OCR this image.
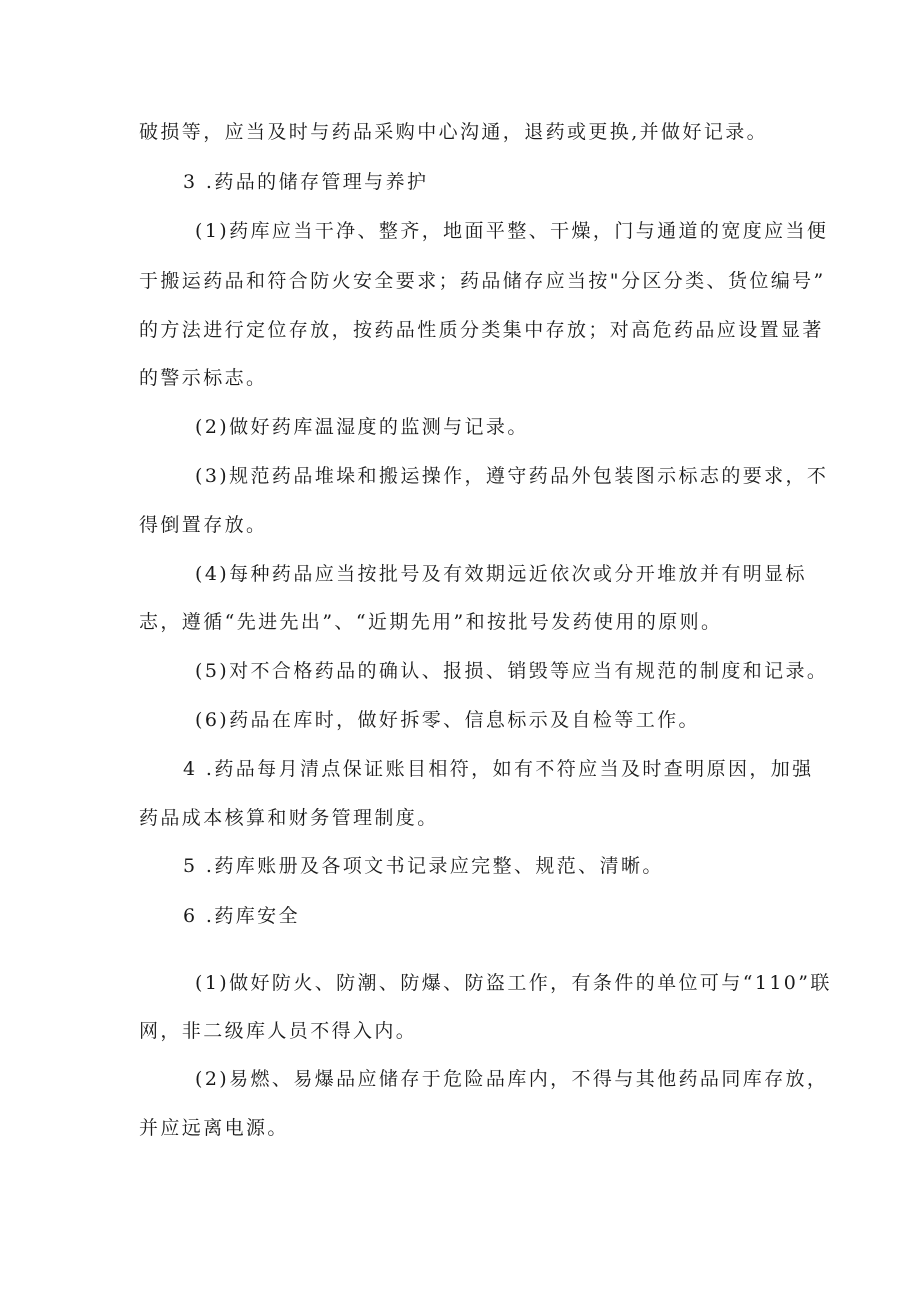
破损等，应当及时与药品采购中心沟通，退药或更换,并做好记录。
3 .药品的储存管理与养护
(1)药库应当干净、整齐，地面平整、干燥，门与通道的宽度应当便
于搬运药品和符合防火安全要求；药品储存应当按"分区分类、货位编号”
的方法进行定位存放，按药品性质分类集中存放；对高危药品应设置显著
的警示标志。
(2)做好药库温湿度的监测与记录。
(3)规范药品堆垛和搬运操作，遵守药品外包装图示标志的要求，不
得倒置存放。
(4)每种药品应当按批号及有效期远近依次或分开堆放并有明显标
志，遵循“先进先出”、“近期先用”和按批号发药使用的原则。
(5)对不合格药品的确认、报损、销毁等应当有规范的制度和记录。
(6)药品在库时，做好拆零、信息标示及自检等工作。
4 .药品每月清点保证账目相符，如有不符应当及时查明原因，加强
药品成本核算和财务管理制度。
5 .药库账册及各项文书记录应完整、规范、清晰。
6 .药库安全
(1)做好防火、防潮、防爆、防盗工作，有条件的单位可与“110”联
网，非二级库人员不得入内。
(2)易燃、易爆品应储存于危险品库内，不得与其他药品同库存放，
并应远离电源。
